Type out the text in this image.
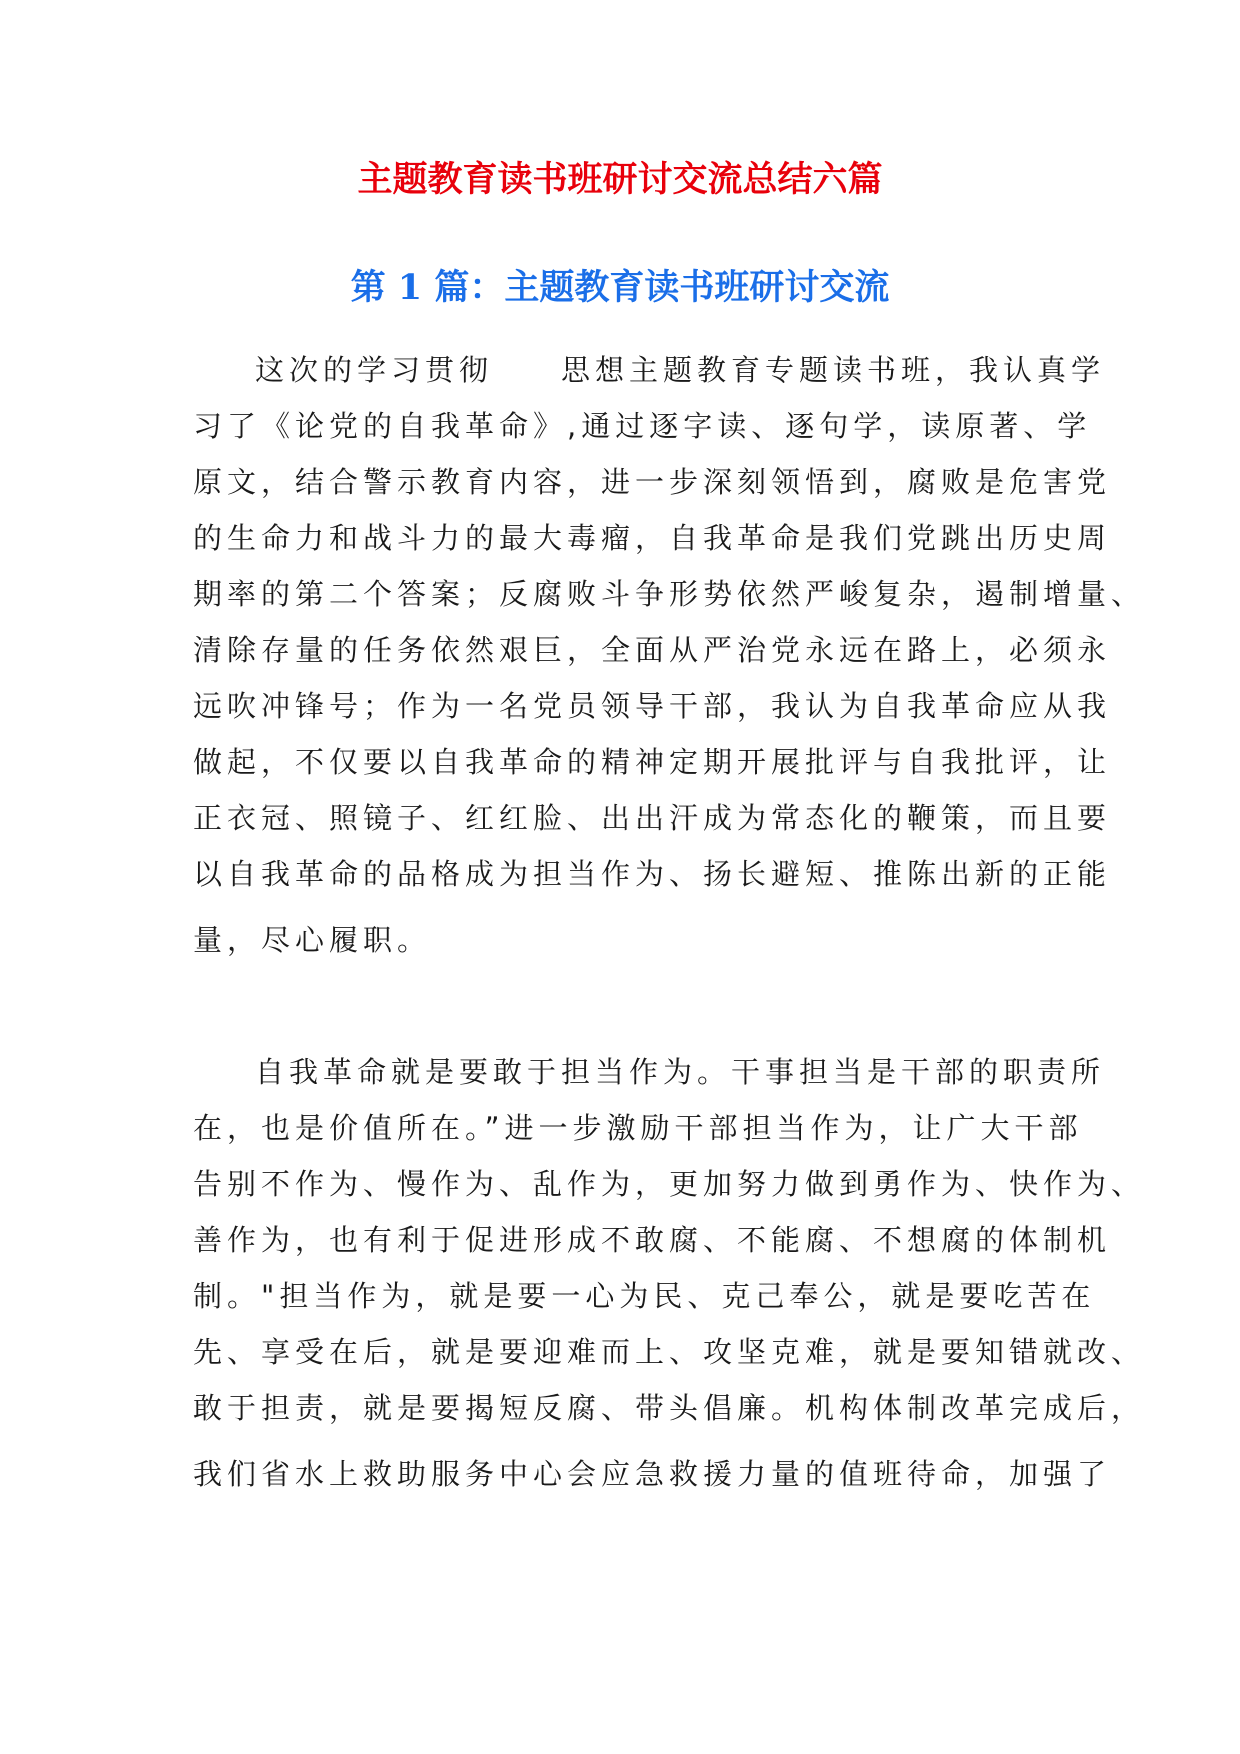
主题教育读书班研讨交流总结六篇
第 1 篇：主题教育读书班研讨交流
这次的学习贯彻　　思想主题教育专题读书班，我认真学
习了《论党的自我革命》,通过逐字读、逐句学，读原著、学
原文，结合警示教育内容，进一步深刻领悟到，腐败是危害党
的生命力和战斗力的最大毒瘤，自我革命是我们党跳出历史周
期率的第二个答案；反腐败斗争形势依然严峻复杂，遏制增量、
清除存量的任务依然艰巨，全面从严治党永远在路上，必须永
远吹冲锋号；作为一名党员领导干部，我认为自我革命应从我
做起，不仅要以自我革命的精神定期开展批评与自我批评，让
正衣冠、照镜子、红红脸、出出汗成为常态化的鞭策，而且要
以自我革命的品格成为担当作为、扬长避短、推陈出新的正能
量，尽心履职。
自我革命就是要敢于担当作为。干事担当是干部的职责所
在，也是价值所在。”进一步激励干部担当作为，让广大干部
告别不作为、慢作为、乱作为，更加努力做到勇作为、快作为、
善作为，也有利于促进形成不敢腐、不能腐、不想腐的体制机
制。"担当作为，就是要一心为民、克己奉公，就是要吃苦在
先、享受在后，就是要迎难而上、攻坚克难，就是要知错就改、
敢于担责，就是要揭短反腐、带头倡廉。机构体制改革完成后，
我们省水上救助服务中心会应急救援力量的值班待命，加强了
